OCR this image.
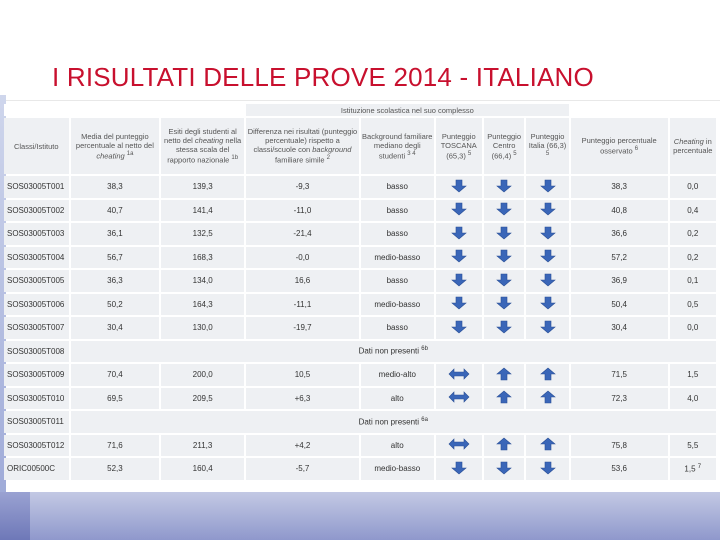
I RISULTATI DELLE PROVE 2014 - ITALIANO
			Istituzione scolastica nel suo complesso						
Classi/Istituto	Media del punteggio percentuale al netto del cheating $^{1a}$	Esiti degli studenti al netto del cheating nella stessa scala del rapporto nazionale $^{1b}$	Differenza nei risultati (punteggio percentuale) rispetto a classi/scuole con background familiare simile $^2$	Background familiare mediano degli studenti $^{3 4}$	Punteggio TOSCANA (65,3) $^5$	Punteggio Centro (66,4) $^5$	Punteggio Italia (66,3) $^5$	Punteggio percentuale osservato $^6$	Cheating in percentuale
SOS03005T001	38,3	139,3	-9,3	basso				38,3	0,0
SOS03005T002	40,7	141,4	-11,0	basso				40,8	0,4
SOS03005T003	36,1	132,5	-21,4	basso				36,6	0,2
SOS03005T004	56,7	168,3	-0,0	medio-basso				57,2	0,2
SOS03005T005	36,3	134,0	16,6	basso				36,9	0,1
SOS03005T006	50,2	164,3	-11,1	medio-basso				50,4	0,5
SOS03005T007	30,4	130,0	-19,7	basso				30,4	0,0
SOS03005T008	Dati non presenti $^{6b}$
SOS03005T009	70,4	200,0	10,5	medio-alto				71,5	1,5
SOS03005T010	69,5	209,5	+6,3	alto				72,3	4,0
SOS03005T011	Dati non presenti $^{6a}$
SOS03005T012	71,6	211,3	+4,2	alto				75,8	5,5
ORIC00500C	52,3	160,4	-5,7	medio-basso				53,6	1,5 $^7$
